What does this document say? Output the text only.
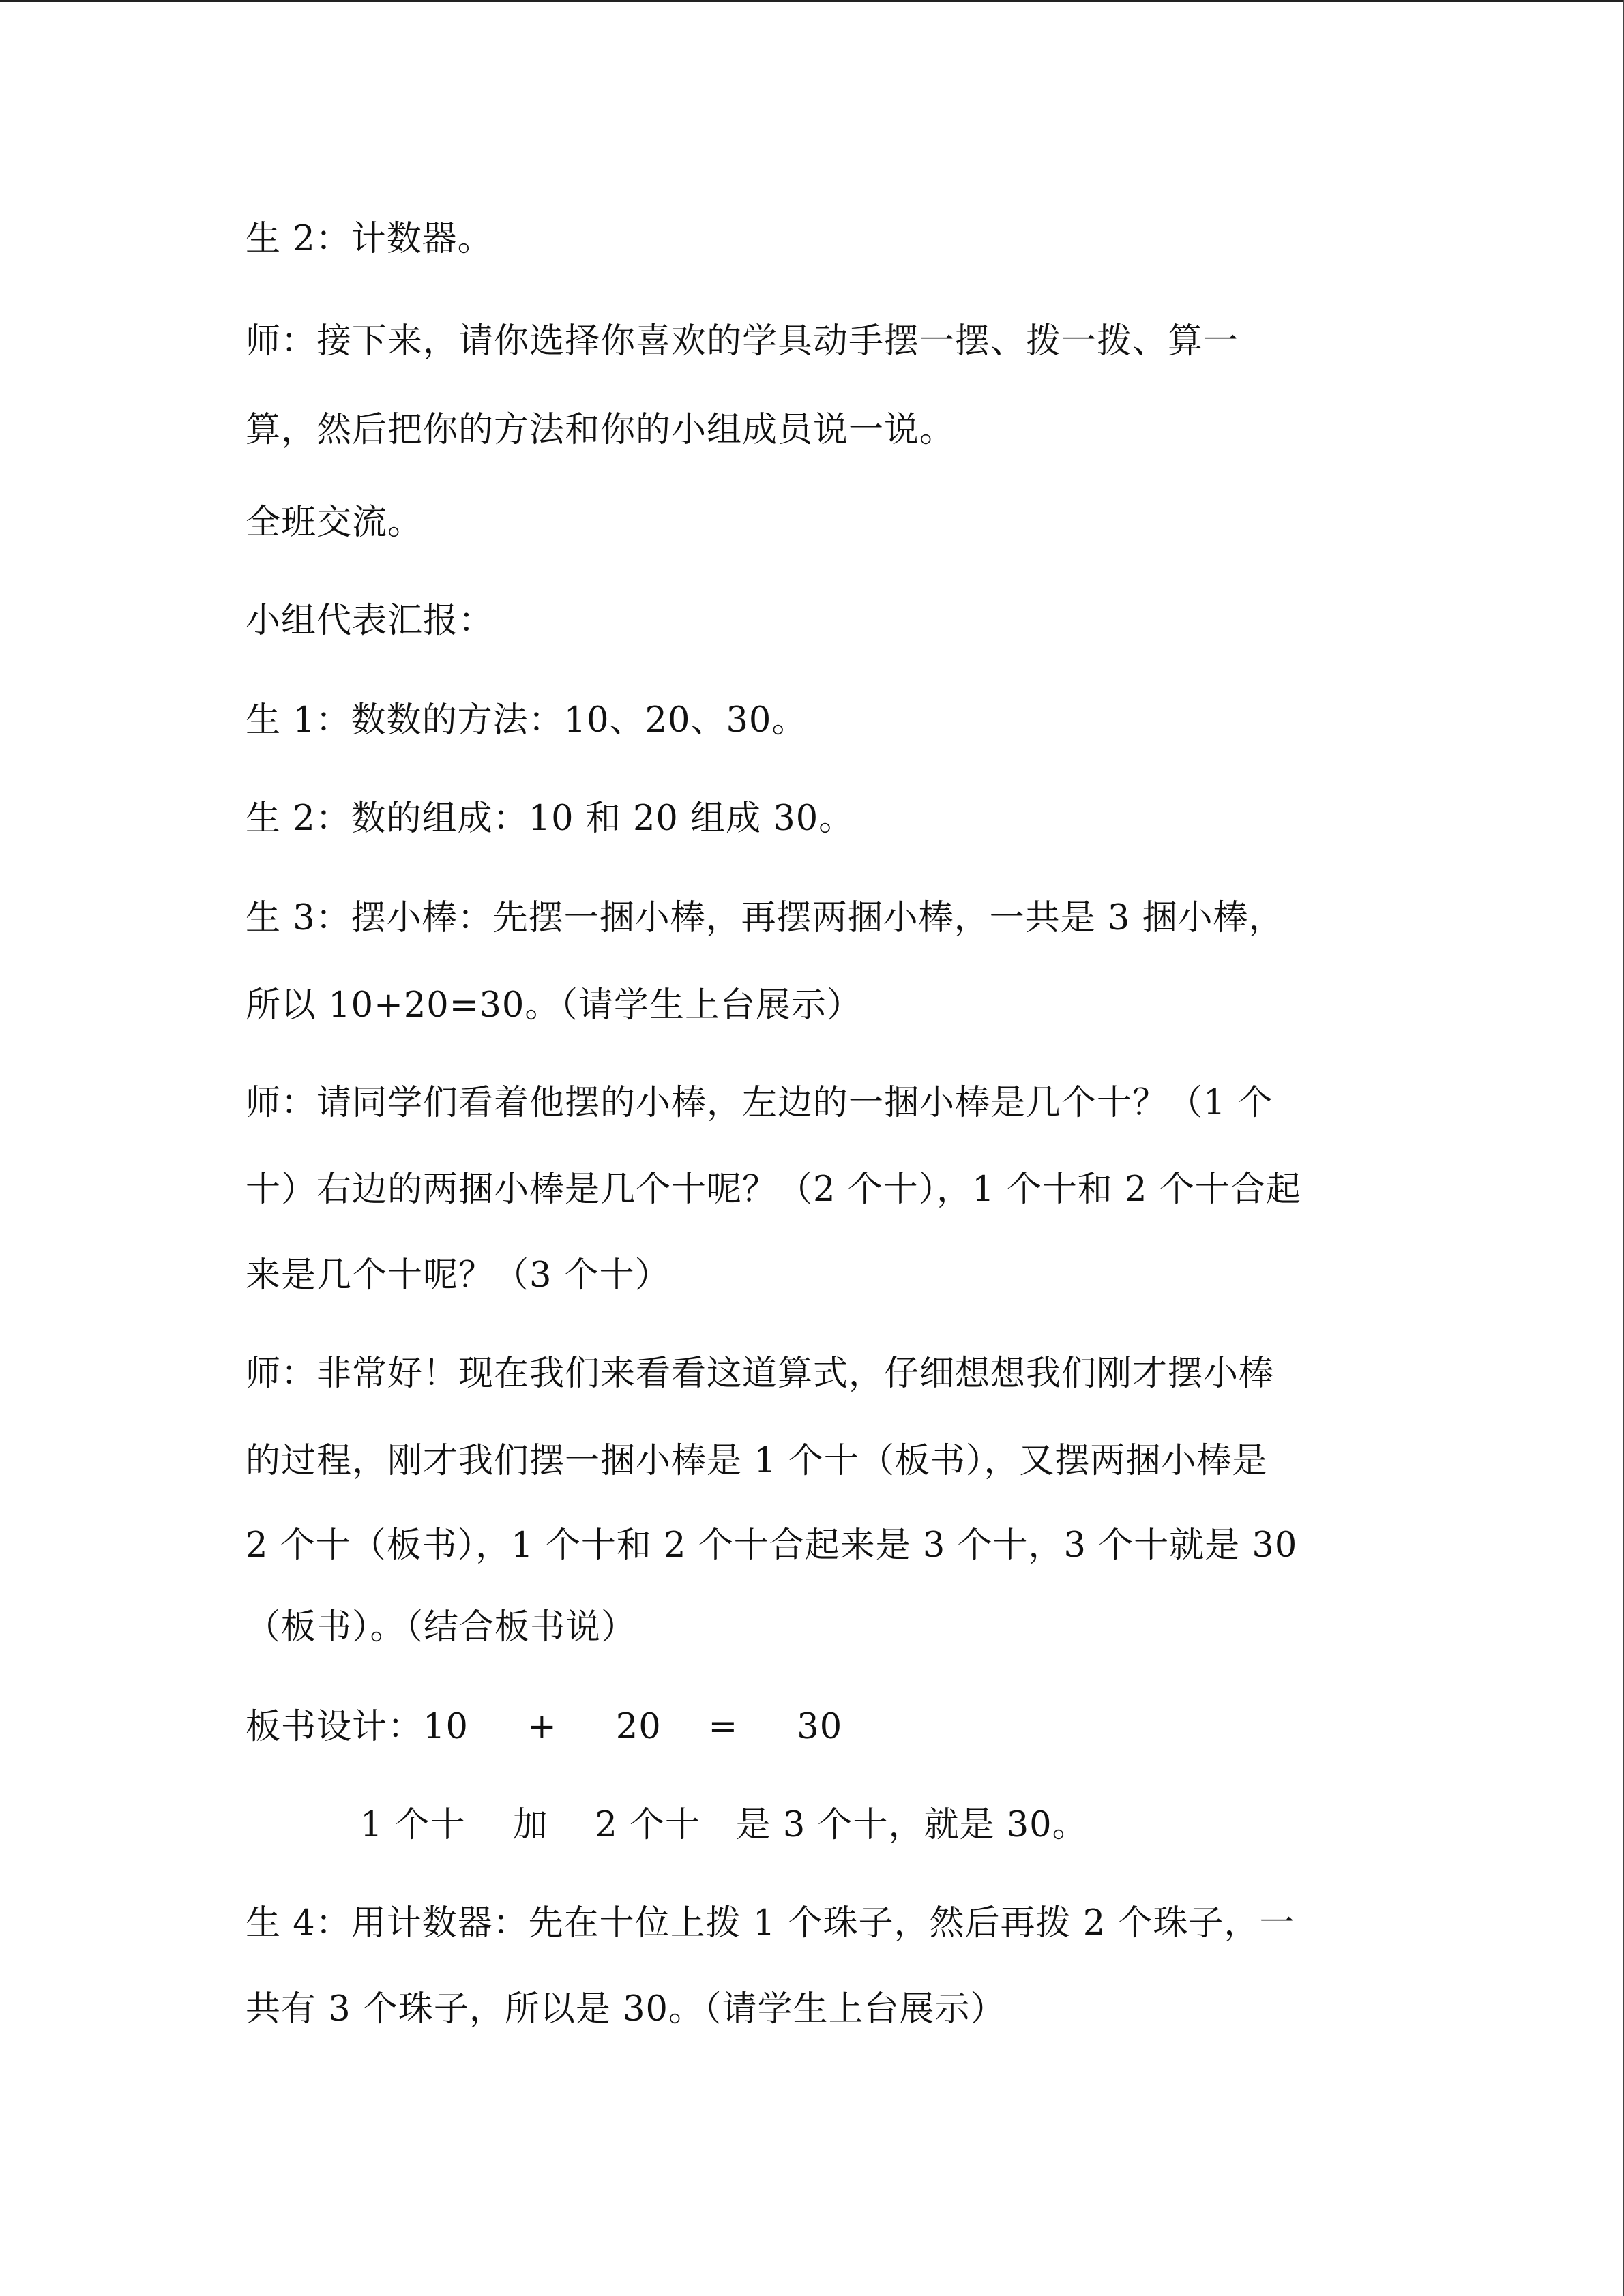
生 2：计数器。
师：接下来，请你选择你喜欢的学具动手摆一摆、拨一拨、算一
算，然后把你的方法和你的小组成员说一说。
全班交流。
小组代表汇报：
生 1：数数的方法：10、20、30。
生 2：数的组成：10 和 20 组成 30。
生 3：摆小棒：先摆一捆小棒，再摆两捆小棒，一共是 3 捆小棒，
所以 10+20=30。（请学生上台展示）
师：请同学们看着他摆的小棒，左边的一捆小棒是几个十？（1 个
十）右边的两捆小棒是几个十呢？（2 个十），1 个十和 2 个十合起
来是几个十呢？（3 个十）
师：非常好！现在我们来看看这道算式，仔细想想我们刚才摆小棒
的过程，刚才我们摆一捆小棒是 1 个十（板书），又摆两捆小棒是
2 个十（板书），1 个十和 2 个十合起来是 3 个十，3 个十就是 30
（板书）。（结合板书说）
板书设计：10     +     20    =     30
1 个十    加    2 个十   是 3 个十，就是 30。
生 4：用计数器：先在十位上拨 1 个珠子，然后再拨 2 个珠子，一
共有 3 个珠子，所以是 30。（请学生上台展示）
